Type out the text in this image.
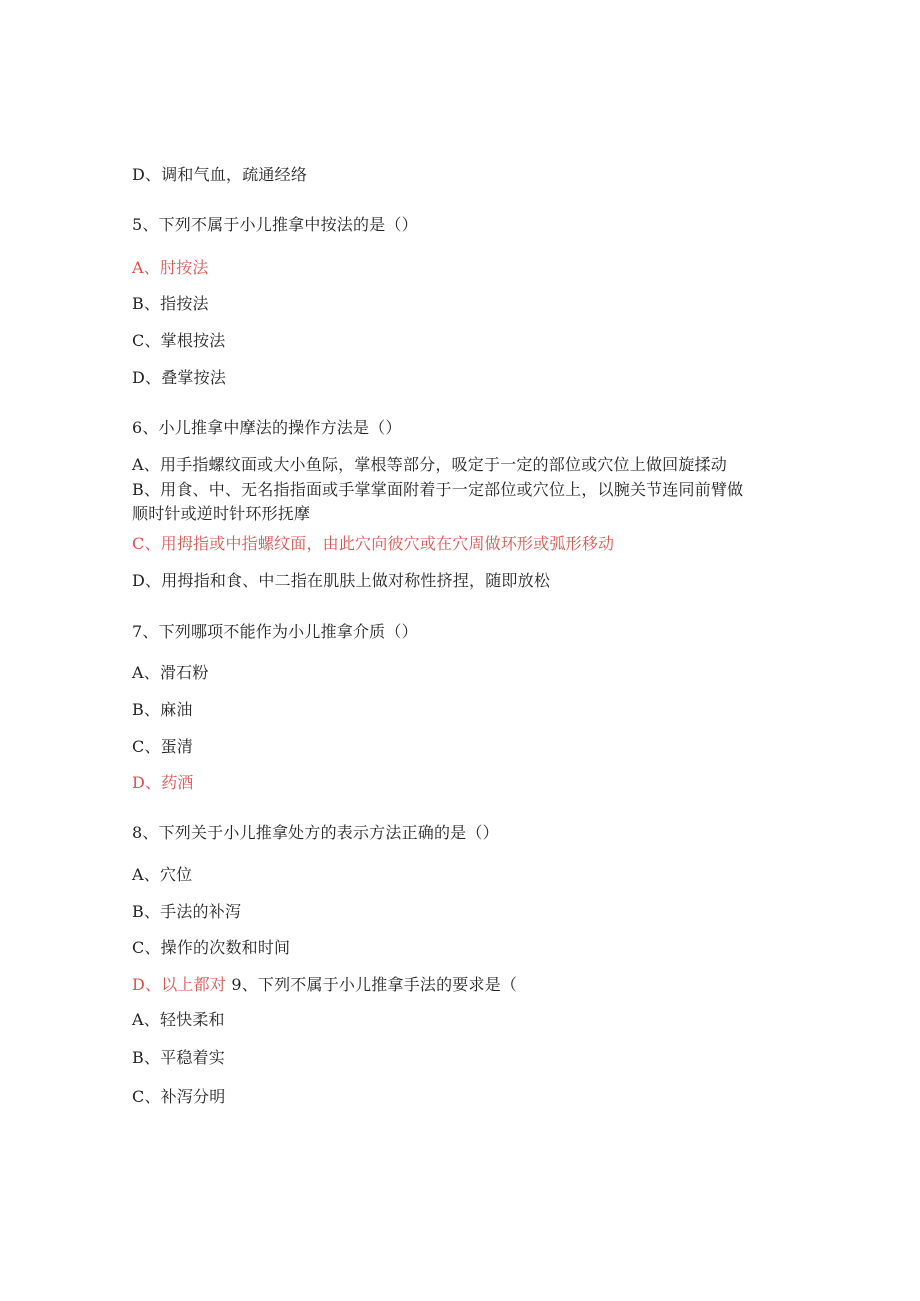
D、调和气血，疏通经络
5、下列不属于小儿推拿中按法的是（）
A、肘按法
B、指按法
C、掌根按法
D、叠掌按法
6、小儿推拿中摩法的操作方法是（）
A、用手指螺纹面或大小鱼际，掌根等部分，吸定于一定的部位或穴位上做回旋揉动
B、用食、中、无名指指面或手掌掌面附着于一定部位或穴位上，以腕关节连同前臂做
顺时针或逆时针环形抚摩
C、用拇指或中指螺纹面，由此穴向彼穴或在穴周做环形或弧形移动
D、用拇指和食、中二指在肌肤上做对称性挤捏，随即放松
7、下列哪项不能作为小儿推拿介质（）
A、滑石粉
B、麻油
C、蛋清
D、药酒
8、下列关于小儿推拿处方的表示方法正确的是（）
A、穴位
B、手法的补泻
C、操作的次数和时间
D、以上都对 9、下列不属于小儿推拿手法的要求是（
A、轻快柔和
B、平稳着实
C、补泻分明
